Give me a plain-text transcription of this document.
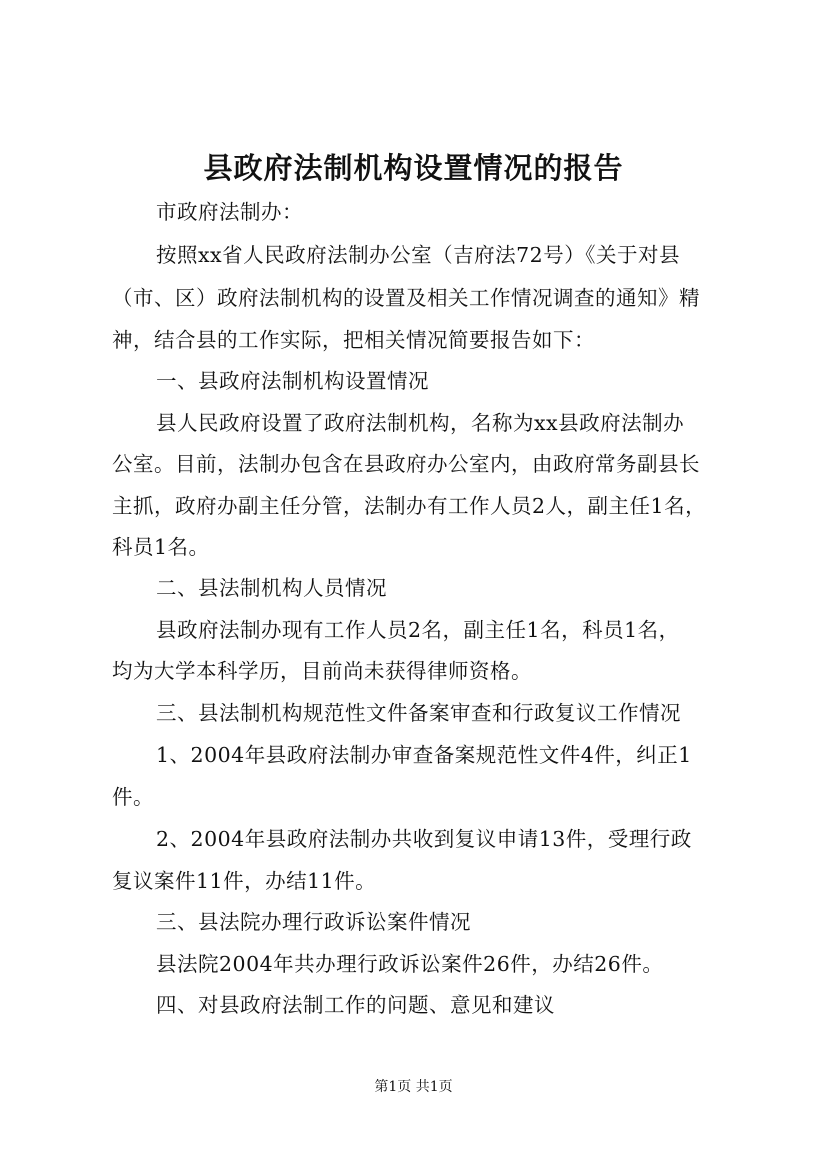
县政府法制机构设置情况的报告
市政府法制办：
按照xx省人民政府法制办公室（吉府法72号）《关于对县
（市、区）政府法制机构的设置及相关工作情况调查的通知》精
神，结合县的工作实际，把相关情况简要报告如下：
一、县政府法制机构设置情况
县人民政府设置了政府法制机构，名称为xx县政府法制办
公室。目前，法制办包含在县政府办公室内，由政府常务副县长
主抓，政府办副主任分管，法制办有工作人员2人，副主任1名，
科员1名。
二、县法制机构人员情况
县政府法制办现有工作人员2名，副主任1名，科员1名，
均为大学本科学历，目前尚未获得律师资格。
三、县法制机构规范性文件备案审查和行政复议工作情况
1、2004年县政府法制办审查备案规范性文件4件，纠正1
件。
2、2004年县政府法制办共收到复议申请13件，受理行政
复议案件11件，办结11件。
三、县法院办理行政诉讼案件情况
县法院2004年共办理行政诉讼案件26件，办结26件。
四、对县政府法制工作的问题、意见和建议
第1页 共1页
